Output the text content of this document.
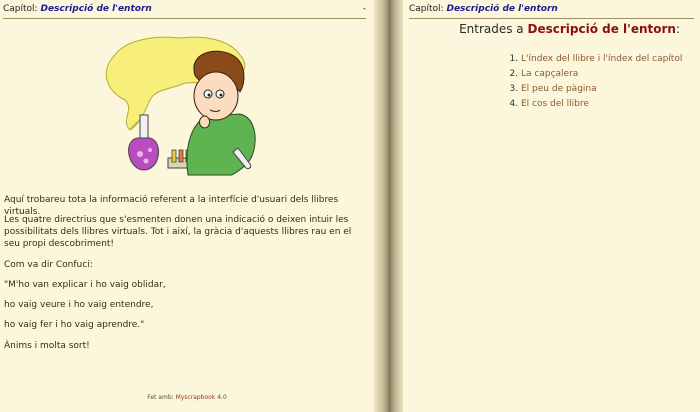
Capítol: Descripció de l'entorn	-

Aquí trobareu tota la informació referent a la interfície d'usuari dels llibres virtuals.

Les quatre directrius que s'esmenten donen una indicació o deixen intuir les possibilitats dels llibres virtuals. Tot i així, la gràcia d'aquests llibres rau en el seu propi descobriment!

Com va dir Confuci:

"M'ho van explicar i ho vaig oblidar,

ho vaig veure i ho vaig entendre,

ho vaig fer i ho vaig aprendre."

Ànims i molta sort!

Fet amb: Myscrapbook 4.0
Capítol: Descripció de l'entorn
Entrades a Descripció de l'entorn:
1. L'índex del llibre i l'índex del capítol
2. La capçalera
3. El peu de pàgina
4. El cos del llibre
